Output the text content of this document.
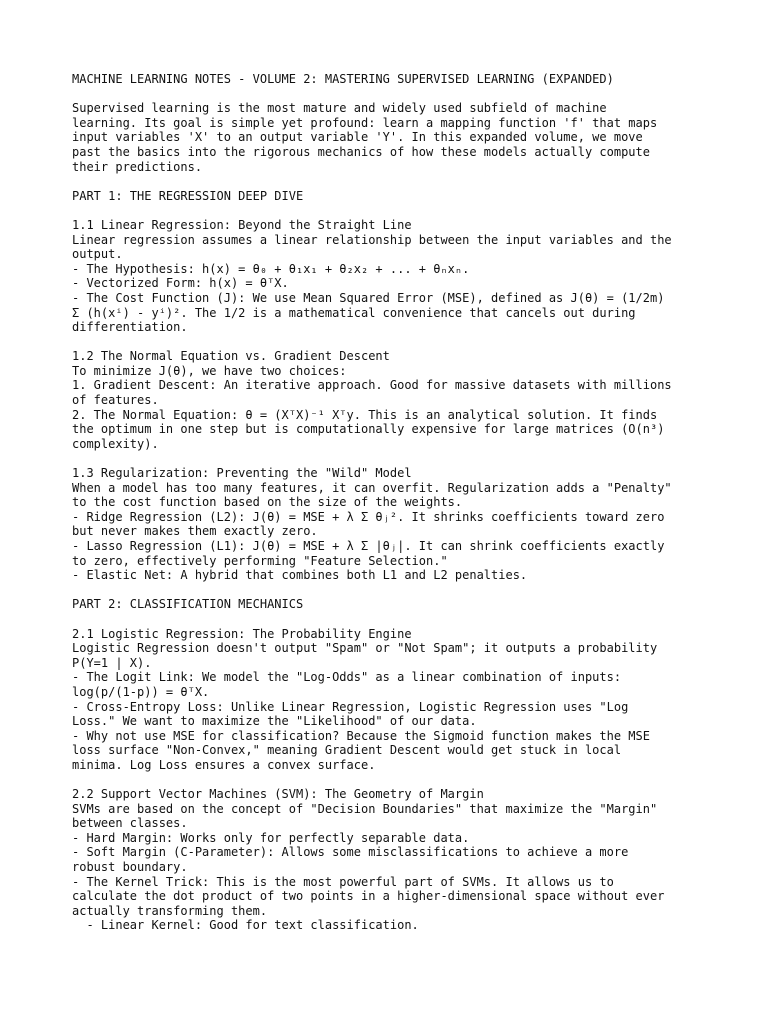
MACHINE LEARNING NOTES - VOLUME 2: MASTERING SUPERVISED LEARNING (EXPANDED)
Supervised learning is the most mature and widely used subfield of machine
learning. Its goal is simple yet profound: learn a mapping function 'f' that maps
input variables 'X' to an output variable 'Y'. In this expanded volume, we move
past the basics into the rigorous mechanics of how these models actually compute
their predictions.
PART 1: THE REGRESSION DEEP DIVE
1.1 Linear Regression: Beyond the Straight Line
Linear regression assumes a linear relationship between the input variables and the
output.
- The Hypothesis: h(x) = θ₀ + θ₁x₁ + θ₂x₂ + ... + θₙxₙ.
- Vectorized Form: h(x) = θᵀX.
- The Cost Function (J): We use Mean Squared Error (MSE), defined as J(θ) = (1/2m)
Σ (h(xⁱ) - yⁱ)². The 1/2 is a mathematical convenience that cancels out during
differentiation.
1.2 The Normal Equation vs. Gradient Descent
To minimize J(θ), we have two choices:
1. Gradient Descent: An iterative approach. Good for massive datasets with millions
of features.
2. The Normal Equation: θ = (XᵀX)⁻¹ Xᵀy. This is an analytical solution. It finds
the optimum in one step but is computationally expensive for large matrices (O(n³)
complexity).
1.3 Regularization: Preventing the "Wild" Model
When a model has too many features, it can overfit. Regularization adds a "Penalty"
to the cost function based on the size of the weights.
- Ridge Regression (L2): J(θ) = MSE + λ Σ θⱼ². It shrinks coefficients toward zero
but never makes them exactly zero.
- Lasso Regression (L1): J(θ) = MSE + λ Σ |θⱼ|. It can shrink coefficients exactly
to zero, effectively performing "Feature Selection."
- Elastic Net: A hybrid that combines both L1 and L2 penalties.
PART 2: CLASSIFICATION MECHANICS
2.1 Logistic Regression: The Probability Engine
Logistic Regression doesn't output "Spam" or "Not Spam"; it outputs a probability
P(Y=1 | X).
- The Logit Link: We model the "Log-Odds" as a linear combination of inputs:
log(p/(1-p)) = θᵀX.
- Cross-Entropy Loss: Unlike Linear Regression, Logistic Regression uses "Log
Loss." We want to maximize the "Likelihood" of our data.
- Why not use MSE for classification? Because the Sigmoid function makes the MSE
loss surface "Non-Convex," meaning Gradient Descent would get stuck in local
minima. Log Loss ensures a convex surface.
2.2 Support Vector Machines (SVM): The Geometry of Margin
SVMs are based on the concept of "Decision Boundaries" that maximize the "Margin"
between classes.
- Hard Margin: Works only for perfectly separable data.
- Soft Margin (C-Parameter): Allows some misclassifications to achieve a more
robust boundary.
- The Kernel Trick: This is the most powerful part of SVMs. It allows us to
calculate the dot product of two points in a higher-dimensional space without ever
actually transforming them.
- Linear Kernel: Good for text classification.
